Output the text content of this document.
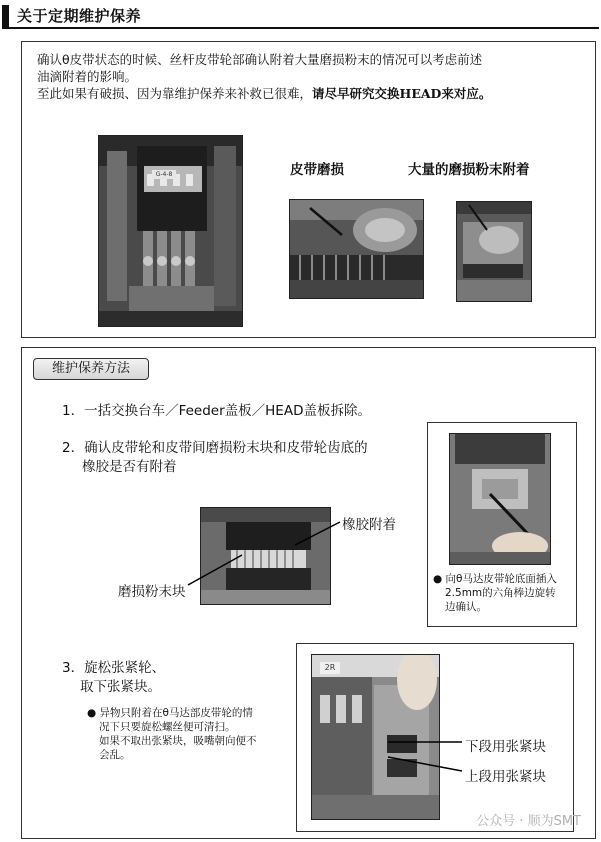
关于定期维护保养
确认θ皮带状态的时候、丝杆皮带轮部确认附着大量磨损粉末的情况可以考虑前述
油滴附着的影响。
至此如果有破损、因为靠维护保养来补救已很难，请尽早研究交换HEAD来对应。
G-4-8	皮带磨损	大量的磨损粉末附着
维护保养方法
1．一括交换台车／Feeder盖板／HEAD盖板拆除。
2．确认皮带轮和皮带间磨损粉末块和皮带轮齿底的
橡胶是否有附着
橡胶附着
磨损粉末块
● 向θ马达皮带轮底面插入
2.5mm的六角棒边旋转
边确认。
3．旋松张紧轮、
取下张紧块。
● 异物只附着在θ马达部皮带轮的情
况下只要旋松螺丝便可清扫。
如果不取出张紧块，吸嘴朝向便不
会乱。
2R
下段用张紧块
上段用张紧块
公众号 · 顺为SMT
